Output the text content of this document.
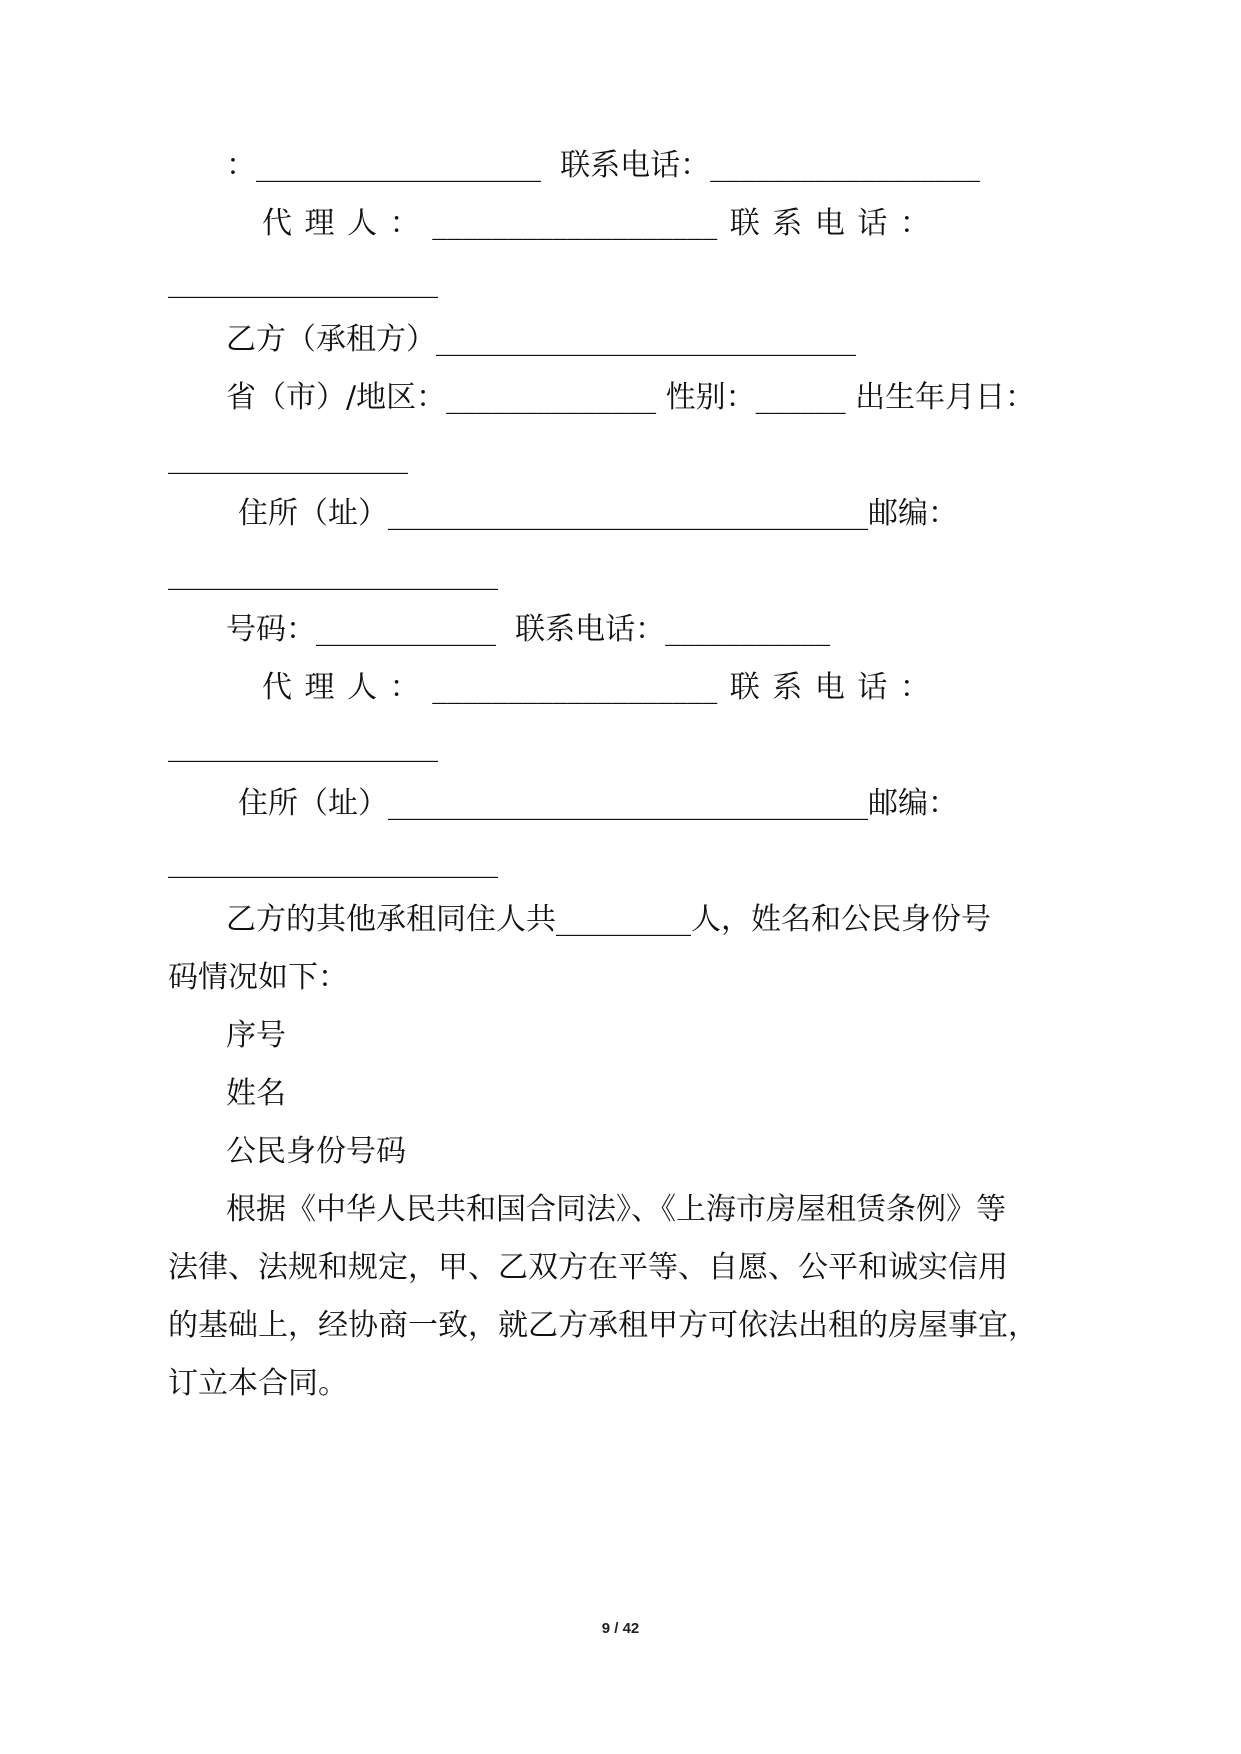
：___________________  联系电话：__________________
代 理 人 ： ___________________ 联 系 电 话 ：
__________________
乙方（承租方）____________________________
省（市）/地区：______________ 性别：______ 出生年月日：
________________
住 所 （ 址 ） ________________________________ 邮 编 ：
______________________
号码：____________  联系电话：___________
代 理 人 ： ___________________ 联 系 电 话 ：
__________________
住 所 （ 址 ） ________________________________ 邮 编 ：
______________________
乙方的其他承租同住人共_________人，姓名和公民身份号
码情况如下：
序号
姓名
公民身份号码
根据《中华人民共和国合同法》、《上海市房屋租赁条例》等
法律、法规和规定，甲、乙双方在平等、自愿、公平和诚实信用
的基础上，经协商一致，就乙方承租甲方可依法出租的房屋事宜，
订立本合同。
9 / 42
